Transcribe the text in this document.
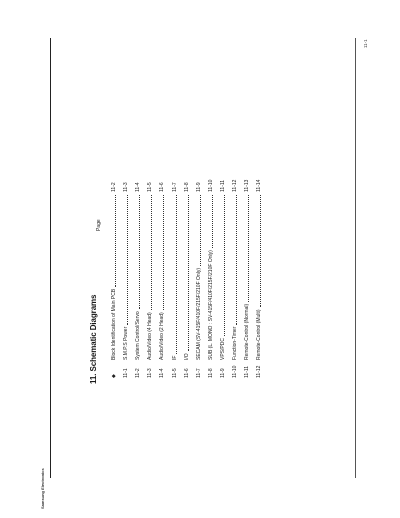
11. Schematic Diagrams
11-1
Samsung Electronics
Page
◆
Block Identification of Main PCB
11-2
11-1
S.M.P.S Power
11-3
11-2
System Control/Servo
11-4
11-3
Audio/Video (4 Head)
11-5
11-4
Audio/Video (2 Head)
11-6
11-5
IF
11-7
11-6
I/O
11-8
11-7
SECAM (SV-415F/410F/215F/210F Only)
11-9
11-8
SUB (L. MONO : SV-415F/410F/215F/210F Only)
11-10
11-9
VPS/PDC
11-11
11-10
Function-Timer
11-12
11-11
Remote-Control (Normal)
11-13
11-12
Remote-Control (Multi)
11-14
